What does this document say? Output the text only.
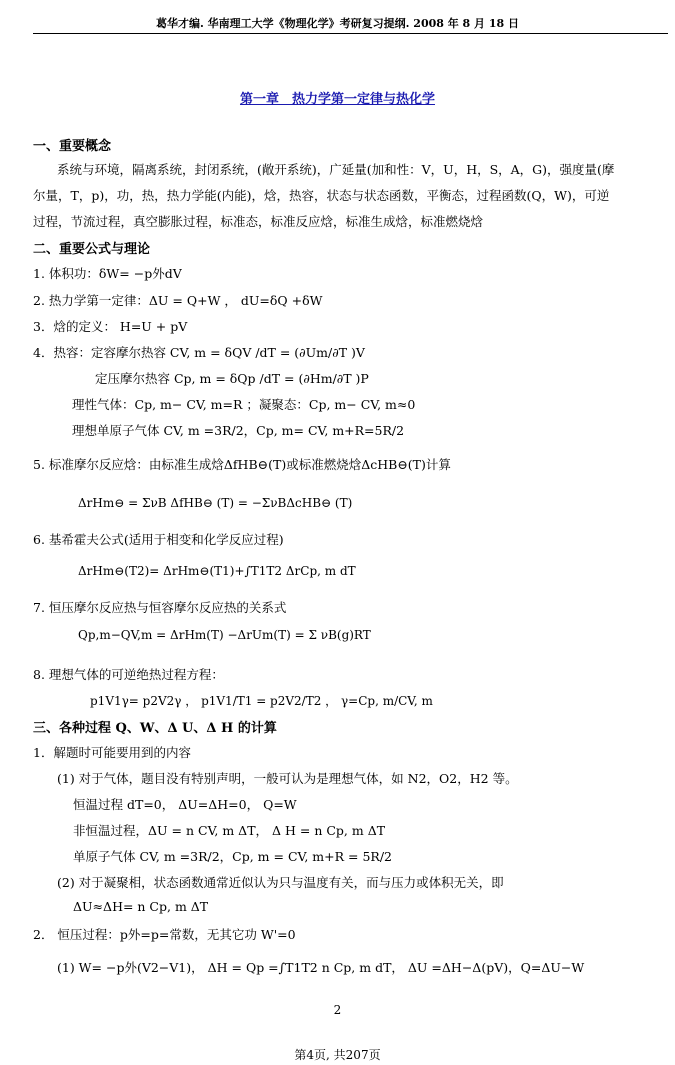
葛华才编. 华南理工大学《物理化学》考研复习提纲. 2008 年 8 月 18 日
第一章　热力学第一定律与热化学
一、重要概念
系统与环境，隔离系统，封闭系统，(敞开系统)，广延量(加和性：V，U，H，S，A，G)，强度量(摩
尔量，T，p)，功，热，热力学能(内能)，焓，热容，状态与状态函数，平衡态，过程函数(Q，W)，可逆
过程，节流过程，真空膨胀过程，标准态，标准反应焓，标准生成焓，标准燃烧焓
二、重要公式与理论
1. 体积功：δW= −p外dV
2. 热力学第一定律：ΔU = Q+W ， dU=δQ +δW
3．焓的定义： H=U + pV
4．热容：定容摩尔热容 CV, m = δQV /dT = (∂Um/∂T )V
定压摩尔热容 Cp, m = δQp /dT = (∂Hm/∂T )P
理性气体：Cp, m− CV, m=R ；凝聚态：Cp, m− CV, m≈0
理想单原子气体 CV, m =3R/2，Cp, m= CV, m+R=5R/2
5. 标准摩尔反应焓：由标准生成焓ΔfHB⊖(T)或标准燃烧焓ΔcHB⊖(T)计算
ΔrHm⊖ = ΣνB ΔfHB⊖ (T) = −ΣνBΔcHB⊖ (T)
6. 基希霍夫公式(适用于相变和化学反应过程)
ΔrHm⊖(T2)= ΔrHm⊖(T1)+∫T1T2 ΔrCp, m dT
7. 恒压摩尔反应热与恒容摩尔反应热的关系式
Qp,m−QV,m = ΔrHm(T) −ΔrUm(T) = Σ νB(g)RT
8. 理想气体的可逆绝热过程方程：
p1V1γ= p2V2γ ， p1V1/T1 = p2V2/T2 ， γ=Cp, m/CV, m
三、各种过程 Q、W、Δ U、Δ H 的计算
1．解题时可能要用到的内容
(1) 对于气体，题目没有特别声明，一般可认为是理想气体，如 N2，O2，H2 等。
恒温过程 dT=0， ΔU=ΔH=0， Q=W
非恒温过程，ΔU = n CV, m ΔT， Δ H = n Cp, m ΔT
单原子气体 CV, m =3R/2，Cp, m = CV, m+R = 5R/2
(2) 对于凝聚相，状态函数通常近似认为只与温度有关，而与压力或体积无关，即
ΔU≈ΔH= n Cp, m ΔT
2． 恒压过程：p外=p=常数，无其它功 W'=0
(1) W= −p外(V2−V1)， ΔH = Qp =∫T1T2 n Cp, m dT， ΔU =ΔH−Δ(pV)，Q=ΔU−W
2
第4页, 共207页
